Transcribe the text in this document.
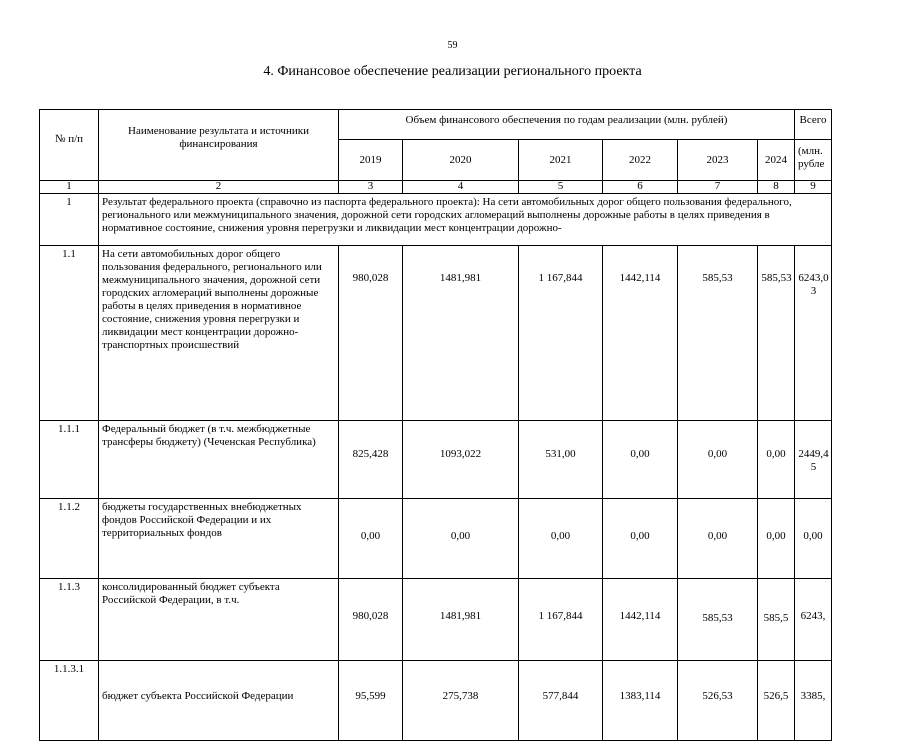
59
4. Финансовое обеспечение реализации регионального проекта
№ п/п	Наименование результата и источники финансирования	Объем финансового обеспечения по годам реализации (млн. рублей)						Всего
		2019	2020	2021	2022	2023	2024	(млн. рубле
1	2	3	4	5	6	7	8	9
1	Результат федерального проекта (справочно из паспорта федерального проекта): На сети автомобильных дорог общего пользования федерального, регионального или межмуниципального значения, дорожной сети городских агломераций выполнены дорожные работы в целях приведения в нормативное состояние, снижения уровня перегрузки и ликвидации мест концентрации дорожно-							
1.1	На сети автомобильных дорог общего пользования федерального, регионального или межмуниципального значения, дорожной сети городских агломераций выполнены дорожные работы в целях приведения в нормативное состояние, снижения уровня перегрузки и ликвидации мест концентрации дорожно-транспортных происшествий	980,028	1481,981	1 167,844	1442,114	585,53	585,53	6243,03
1.1.1	Федеральный бюджет (в т.ч. межбюджетные трансферы бюджету) (Чеченская Республика)	825,428	1093,022	531,00	0,00	0,00	0,00	2449,45
1.1.2	бюджеты государственных внебюджетных фондов Российской Федерации и их территориальных фондов	0,00	0,00	0,00	0,00	0,00	0,00	0,00
1.1.3	консолидированный бюджет субъекта Российской Федерации, в т.ч.	980,028	1481,981	1 167,844	1442,114	585,53	585,5	6243,
1.1.3.1	бюджет субъекта Российской Федерации	95,599	275,738	577,844	1383,114	526,53	526,5	3385,
